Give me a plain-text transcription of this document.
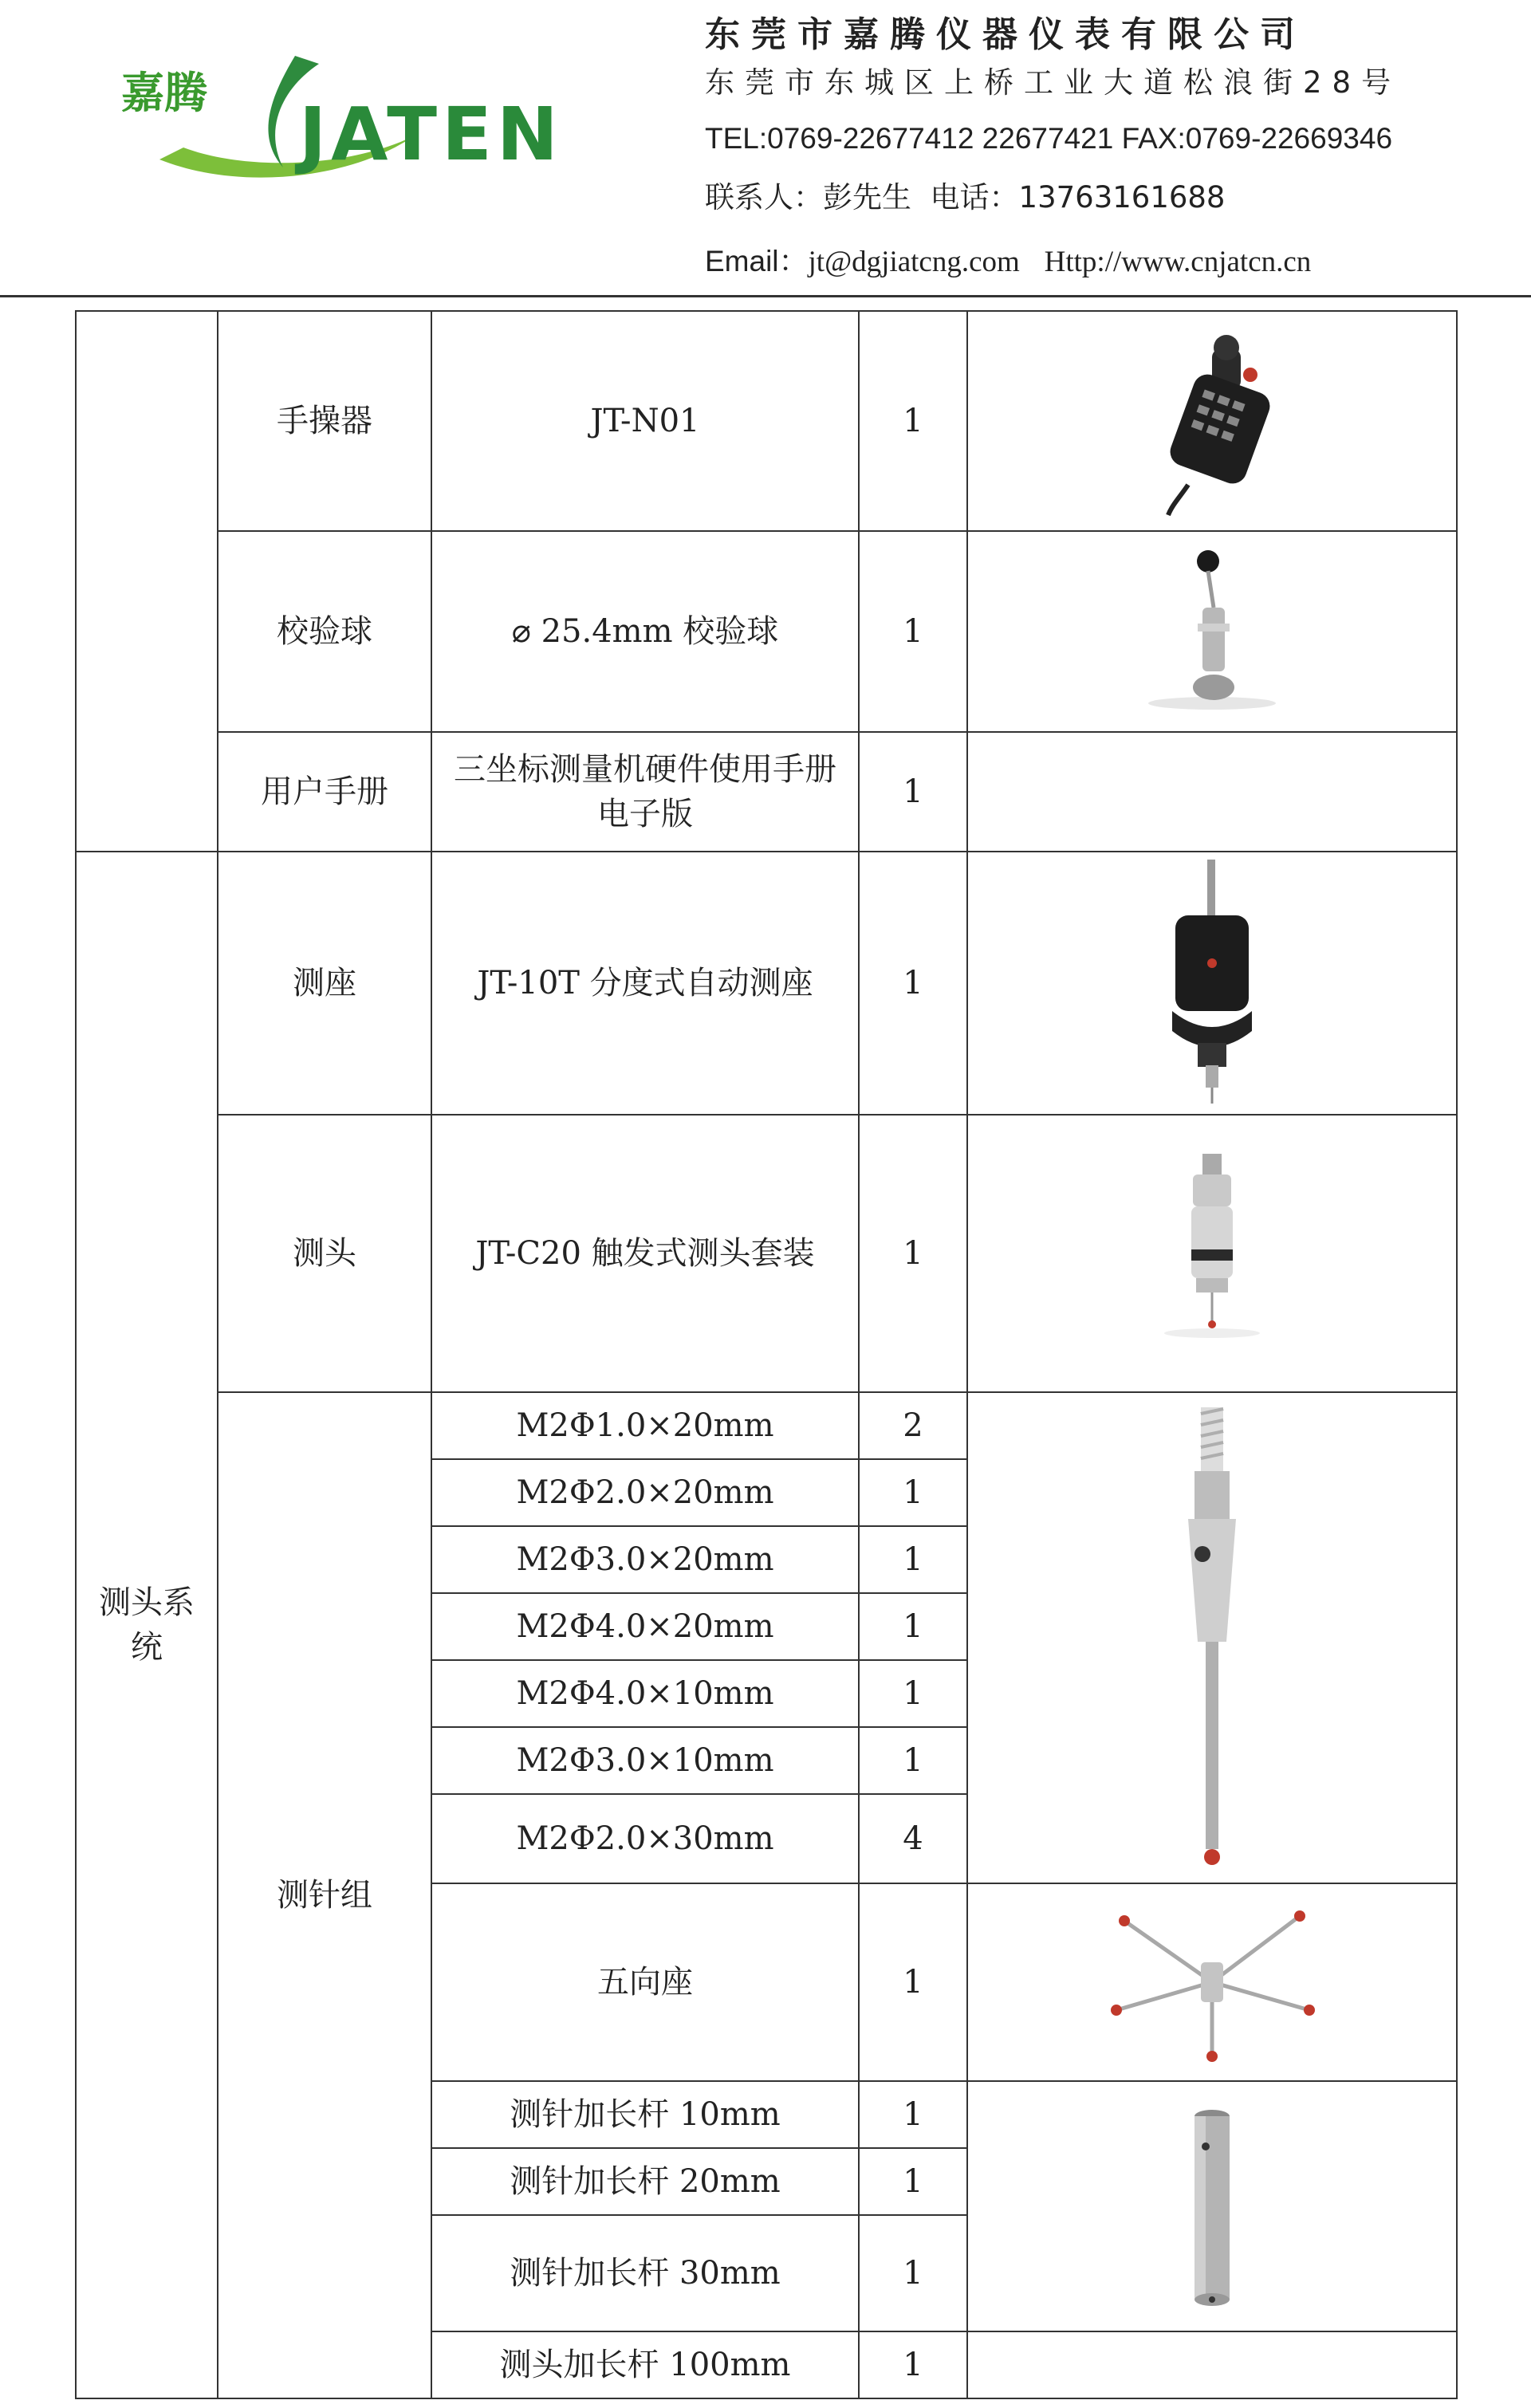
嘉腾 JATEN
东莞市嘉腾仪器仪表有限公司
东莞市东城区上桥工业大道松浪街28号
TEL:0769-22677412 22677421 FAX:0769-22669346
联系人：彭先生 电话：13763161688
Email：jt@dgjiatcng.com Http://www.cnjatcn.cn
	手操器	JT-N01	1	

	校验球	⌀ 25.4mm 校验球	1	

	用户手册	三坐标测量机硬件使用手册电子版	1	
测头系统	测座	JT-10T 分度式自动测座	1	

	测头	JT-C20 触发式测头套装	1	

	测针组	M2Φ1.0×20mm	2	

		M2Φ2.0×20mm	1	
		M2Φ3.0×20mm	1	
		M2Φ4.0×20mm	1	
		M2Φ4.0×10mm	1	
		M2Φ3.0×10mm	1	
		M2Φ2.0×30mm	4	
		五向座	1	

		测针加长杆 10mm	1	

		测针加长杆 20mm	1	
		测针加长杆 30mm	1	
		测头加长杆 100mm	1	
